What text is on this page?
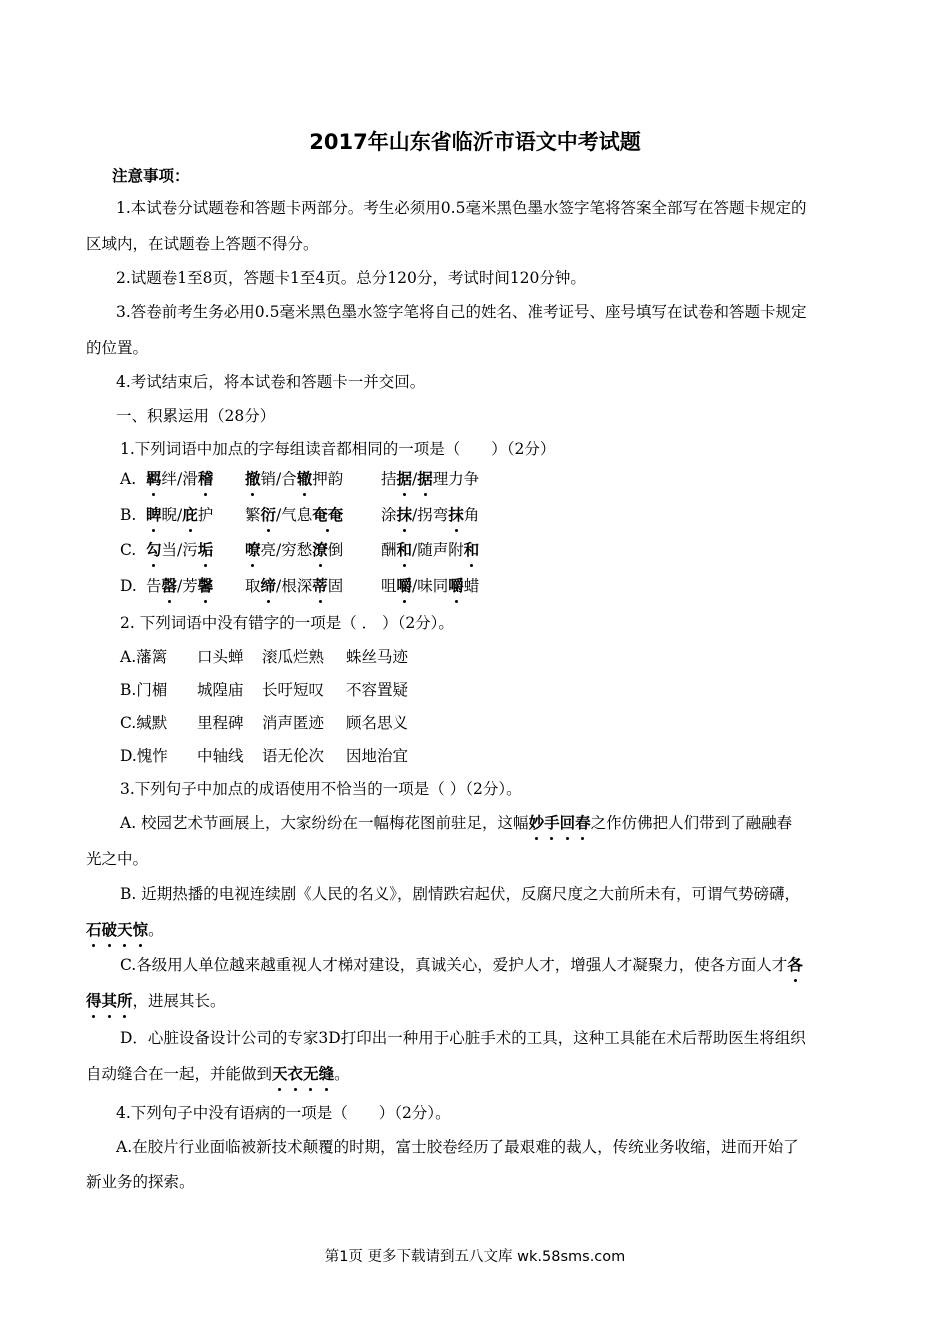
2017年山东省临沂市语文中考试题
注意事项：
1.本试卷分试题卷和答题卡两部分。考生必须用0.5毫米黑色墨水签字笔将答案全部写在答题卡规定的
区域内，在试题卷上答题不得分。
2.试题卷1至8页，答题卡1至4页。总分120分，考试时间120分钟。
3.答卷前考生务必用0.5毫米黑色墨水签字笔将自己的姓名、准考证号、座号填写在试卷和答题卡规定
的位置。
4.考试结束后，将本试卷和答题卡一并交回。
一、积累运用（28分）
1.下列词语中加点的字每组读音都相同的一项是（　　）（2分）
A. 羁绊/滑稽 撤销/合辙押韵 拮据/据理力争
B. 睥睨/庇护 繁衍/气息奄奄 涂抹/拐弯抹角
C. 勾当/污垢 嘹亮/穷愁潦倒 酬和/随声附和
D. 告罄/芳馨 取缔/根深蒂固 咀嚼/味同嚼蜡
2. 下列词语中没有错字的一项是（ ． ）（2分）。
A.藩篱 口头蝉 滚瓜烂熟 蛛丝马迹
B.门楣 城隍庙 长吁短叹 不容置疑
C.缄默 里程碑 消声匿迹 顾名思义
D.愧怍 中轴线 语无伦次 因地治宜
3.下列句子中加点的成语使用不恰当的一项是（ ）（2分）。
A. 校园艺术节画展上，大家纷纷在一幅梅花图前驻足，这幅妙手回春之作仿佛把人们带到了融融春
光之中。
B. 近期热播的电视连续剧《人民的名义》，剧情跌宕起伏，反腐尺度之大前所未有，可谓气势磅礴，
石破天惊。
C.各级用人单位越来越重视人才梯对建设，真诚关心，爱护人才，增强人才凝聚力，使各方面人才各
得其所，进展其长。
D．心脏设备设计公司的专家3D打印出一种用于心脏手术的工具，这种工具能在术后帮助医生将组织
自动缝合在一起，并能做到天衣无缝。
4.下列句子中没有语病的一项是（　　）（2分）。
A.在胶片行业面临被新技术颠覆的时期，富士胶卷经历了最艰难的裁人，传统业务收缩，进而开始了
新业务的探索。
第1页 更多下载请到五八文库 wk.58sms.com
